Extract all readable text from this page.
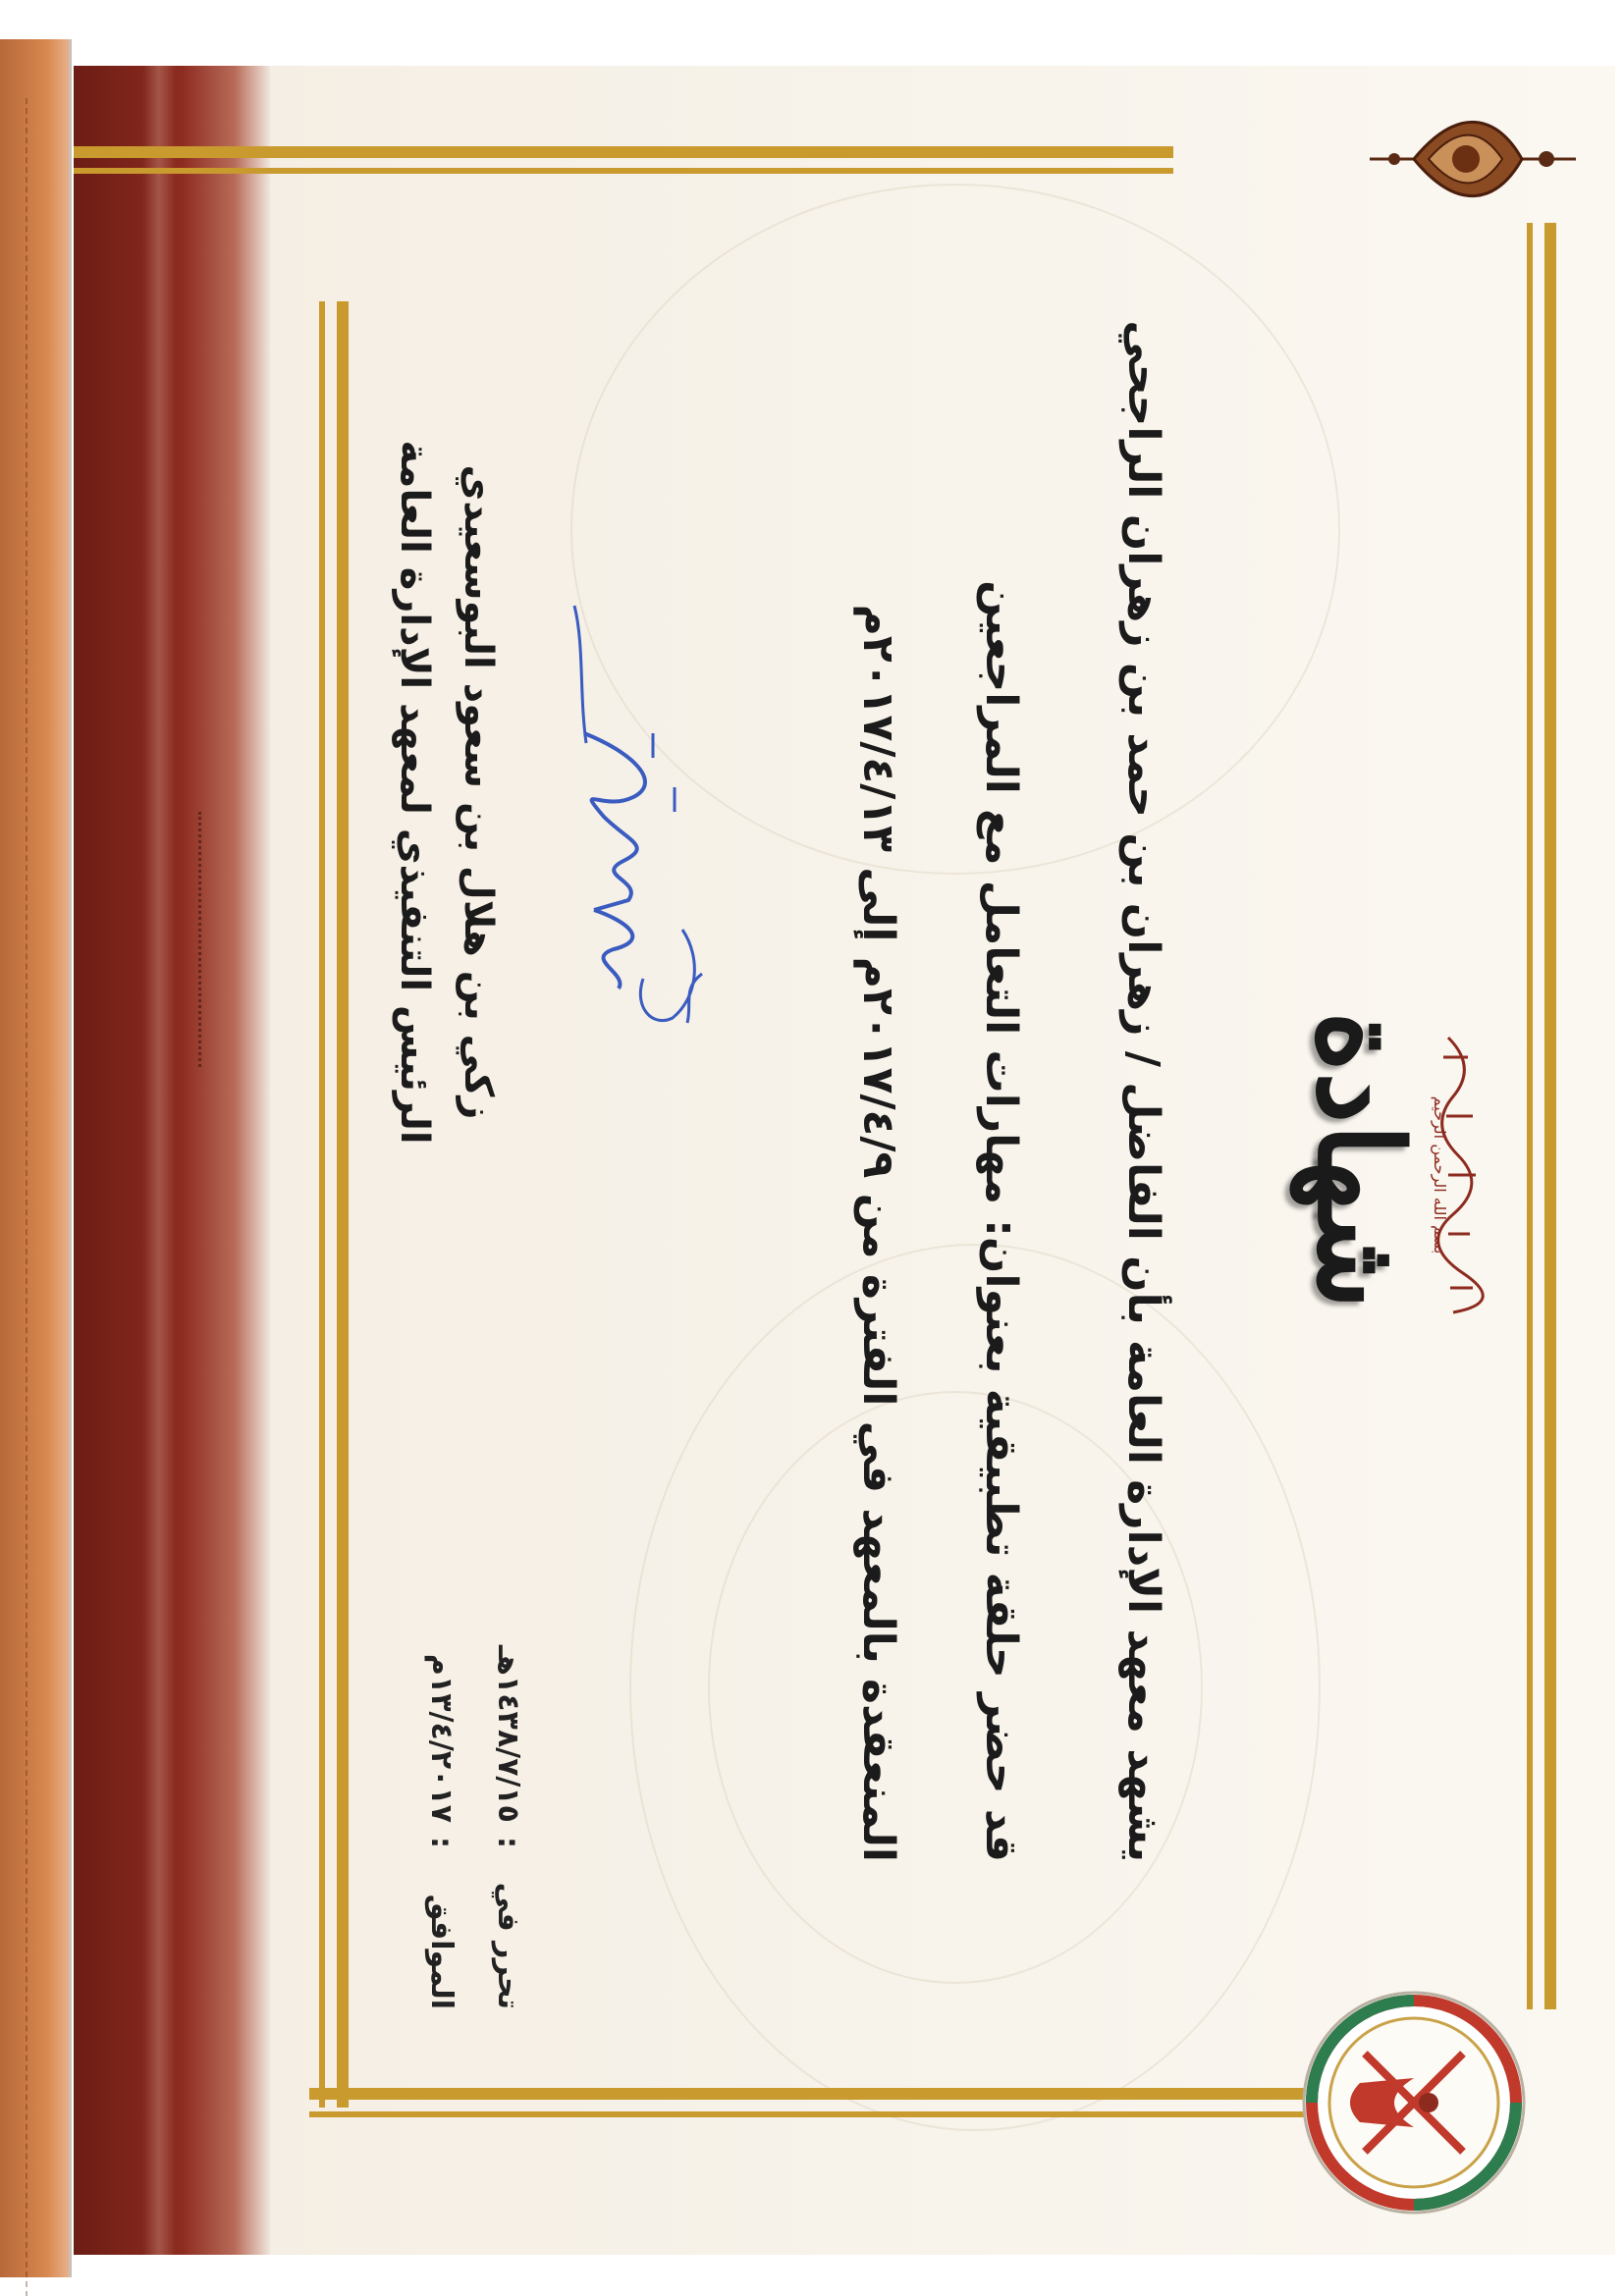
بسم الله الرحمن الرحيم
شهادة
يشهد معهد الإدارة العامة بأن الفاضل / زهران بن حمد بن زهران الراجحي
قد حضر حلقة تطبيقية بعنوان: مهارات التعامل مع المراجعين
المنعقدة بالمعهد في الفترة من ٢٠١٧/٤/٩م إلى ٢٠١٧/٤/١٣م
تحرر في:١٤٣٨/٧/١٥هـ
الموافق:١٣/٤/٢٠١٧م
زكي بن هلال بن سعود البوسعيدي
الرئيس التنفيذي لمعهد الإدارة العامة
